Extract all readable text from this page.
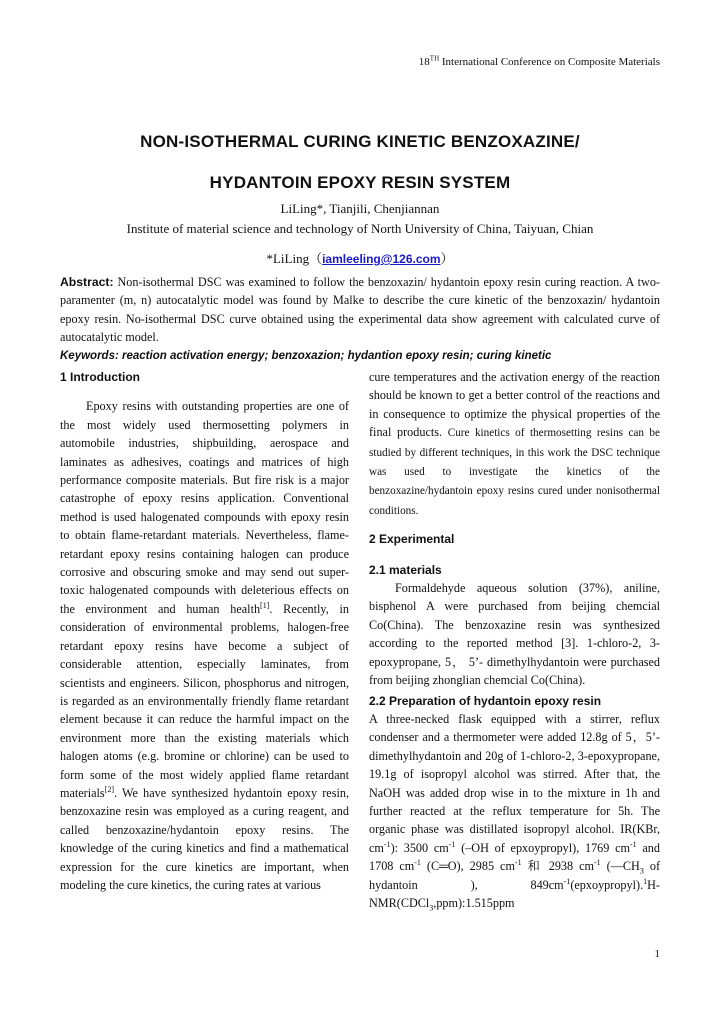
18TH International Conference on Composite Materials
NON-ISOTHERMAL CURING KINETIC BENZOXAZINE/
HYDANTOIN EPOXY RESIN SYSTEM
LiLing*, Tianjili, Chenjiannan
Institute of material science and technology of North University of China, Taiyuan, Chian
*LiLing（iamleeling@126.com）
Abstract: Non-isothermal DSC was examined to follow the benzoxazin/ hydantoin epoxy resin curing reaction. A two-paramenter (m, n) autocatalytic model was found by Malke to describe the cure kinetic of the benzoxazin/ hydantoin epoxy resin. No-isothermal DSC curve obtained using the experimental data show agreement with calculated curve of autocatalytic model.
Keywords: reaction activation energy; benzoxazion; hydantion epoxy resin; curing kinetic

1 Introduction

Epoxy resins with outstanding properties are one of the most widely used thermosetting polymers in automobile industries, shipbuilding, aerospace and laminates as adhesives, coatings and matrices of high performance composite materials. But fire risk is a major catastrophe of epoxy resins application. Conventional method is used halogenated compounds with epoxy resin to obtain flame-retardant materials. Nevertheless, flame-retardant epoxy resins containing halogen can produce corrosive and obscuring smoke and may send out super-toxic halogenated compounds with deleterious effects on the environment and human health[1]. Recently, in consideration of environmental problems, halogen-free retardant epoxy resins have become a subject of considerable attention, especially laminates, from scientists and engineers. Silicon, phosphorus and nitrogen, is regarded as an environmentally friendly flame retardant element because it can reduce the harmful impact on the environment more than the existing materials which halogen atoms (e.g. bromine or chlorine) can be used to form some of the most widely applied flame retardant materials[2]. We have synthesized hydantoin epoxy resin, benzoxazine resin was employed as a curing reagent, and called benzoxazine/hydantoin epoxy resins. The knowledge of the curing kinetics and find a mathematical expression for the cure kinetics are important, when modeling the cure kinetics, the curing rates at various

cure temperatures and the activation energy of the reaction should be known to get a better control of the reactions and in consequence to optimize the physical properties of the final products. Cure kinetics of thermosetting resins can be studied by different techniques, in this work the DSC technique was used to investigate the kinetics of the benzoxazine/hydantoin epoxy resins cured under nonisothermal conditions.

2 Experimental

2.1 materials

Formaldehyde aqueous solution (37%), aniline, bisphenol A were purchased from beijing chemcial Co(China). The benzoxazine resin was synthesized according to the reported method [3]. 1-chloro-2, 3-epoxypropane, 5， 5’- dimethylhydantoin were purchased from beijing zhonglian chemcial Co(China).

2.2 Preparation of hydantoin epoxy resin

A three-necked flask equipped with a stirrer, reflux condenser and a thermometer were added 12.8g of 5，5’-dimethylhydantoin and 20g of 1-chloro-2, 3-epoxypropane, 19.1g of isopropyl alcohol was stirred. After that, the NaOH was added drop wise in to the mixture in 1h and further reacted at the reflux temperature for 5h. The organic phase was distillated isopropyl alcohol. IR(KBr, $cm^{-1}$): 3500 $cm^{-1}$ (–OH of epxoypropyl), 1769 $cm^{-1}$ and 1708 $cm^{-1}$ (C═O), 2985 $cm^{-1}$ 和 2938 $cm^{-1}$ ($—CH_3$ of hydantoin ), $849cm^{-1}(epxoypropyl).^1H-NMR(CDCl_3,ppm):1.515ppm$

1
